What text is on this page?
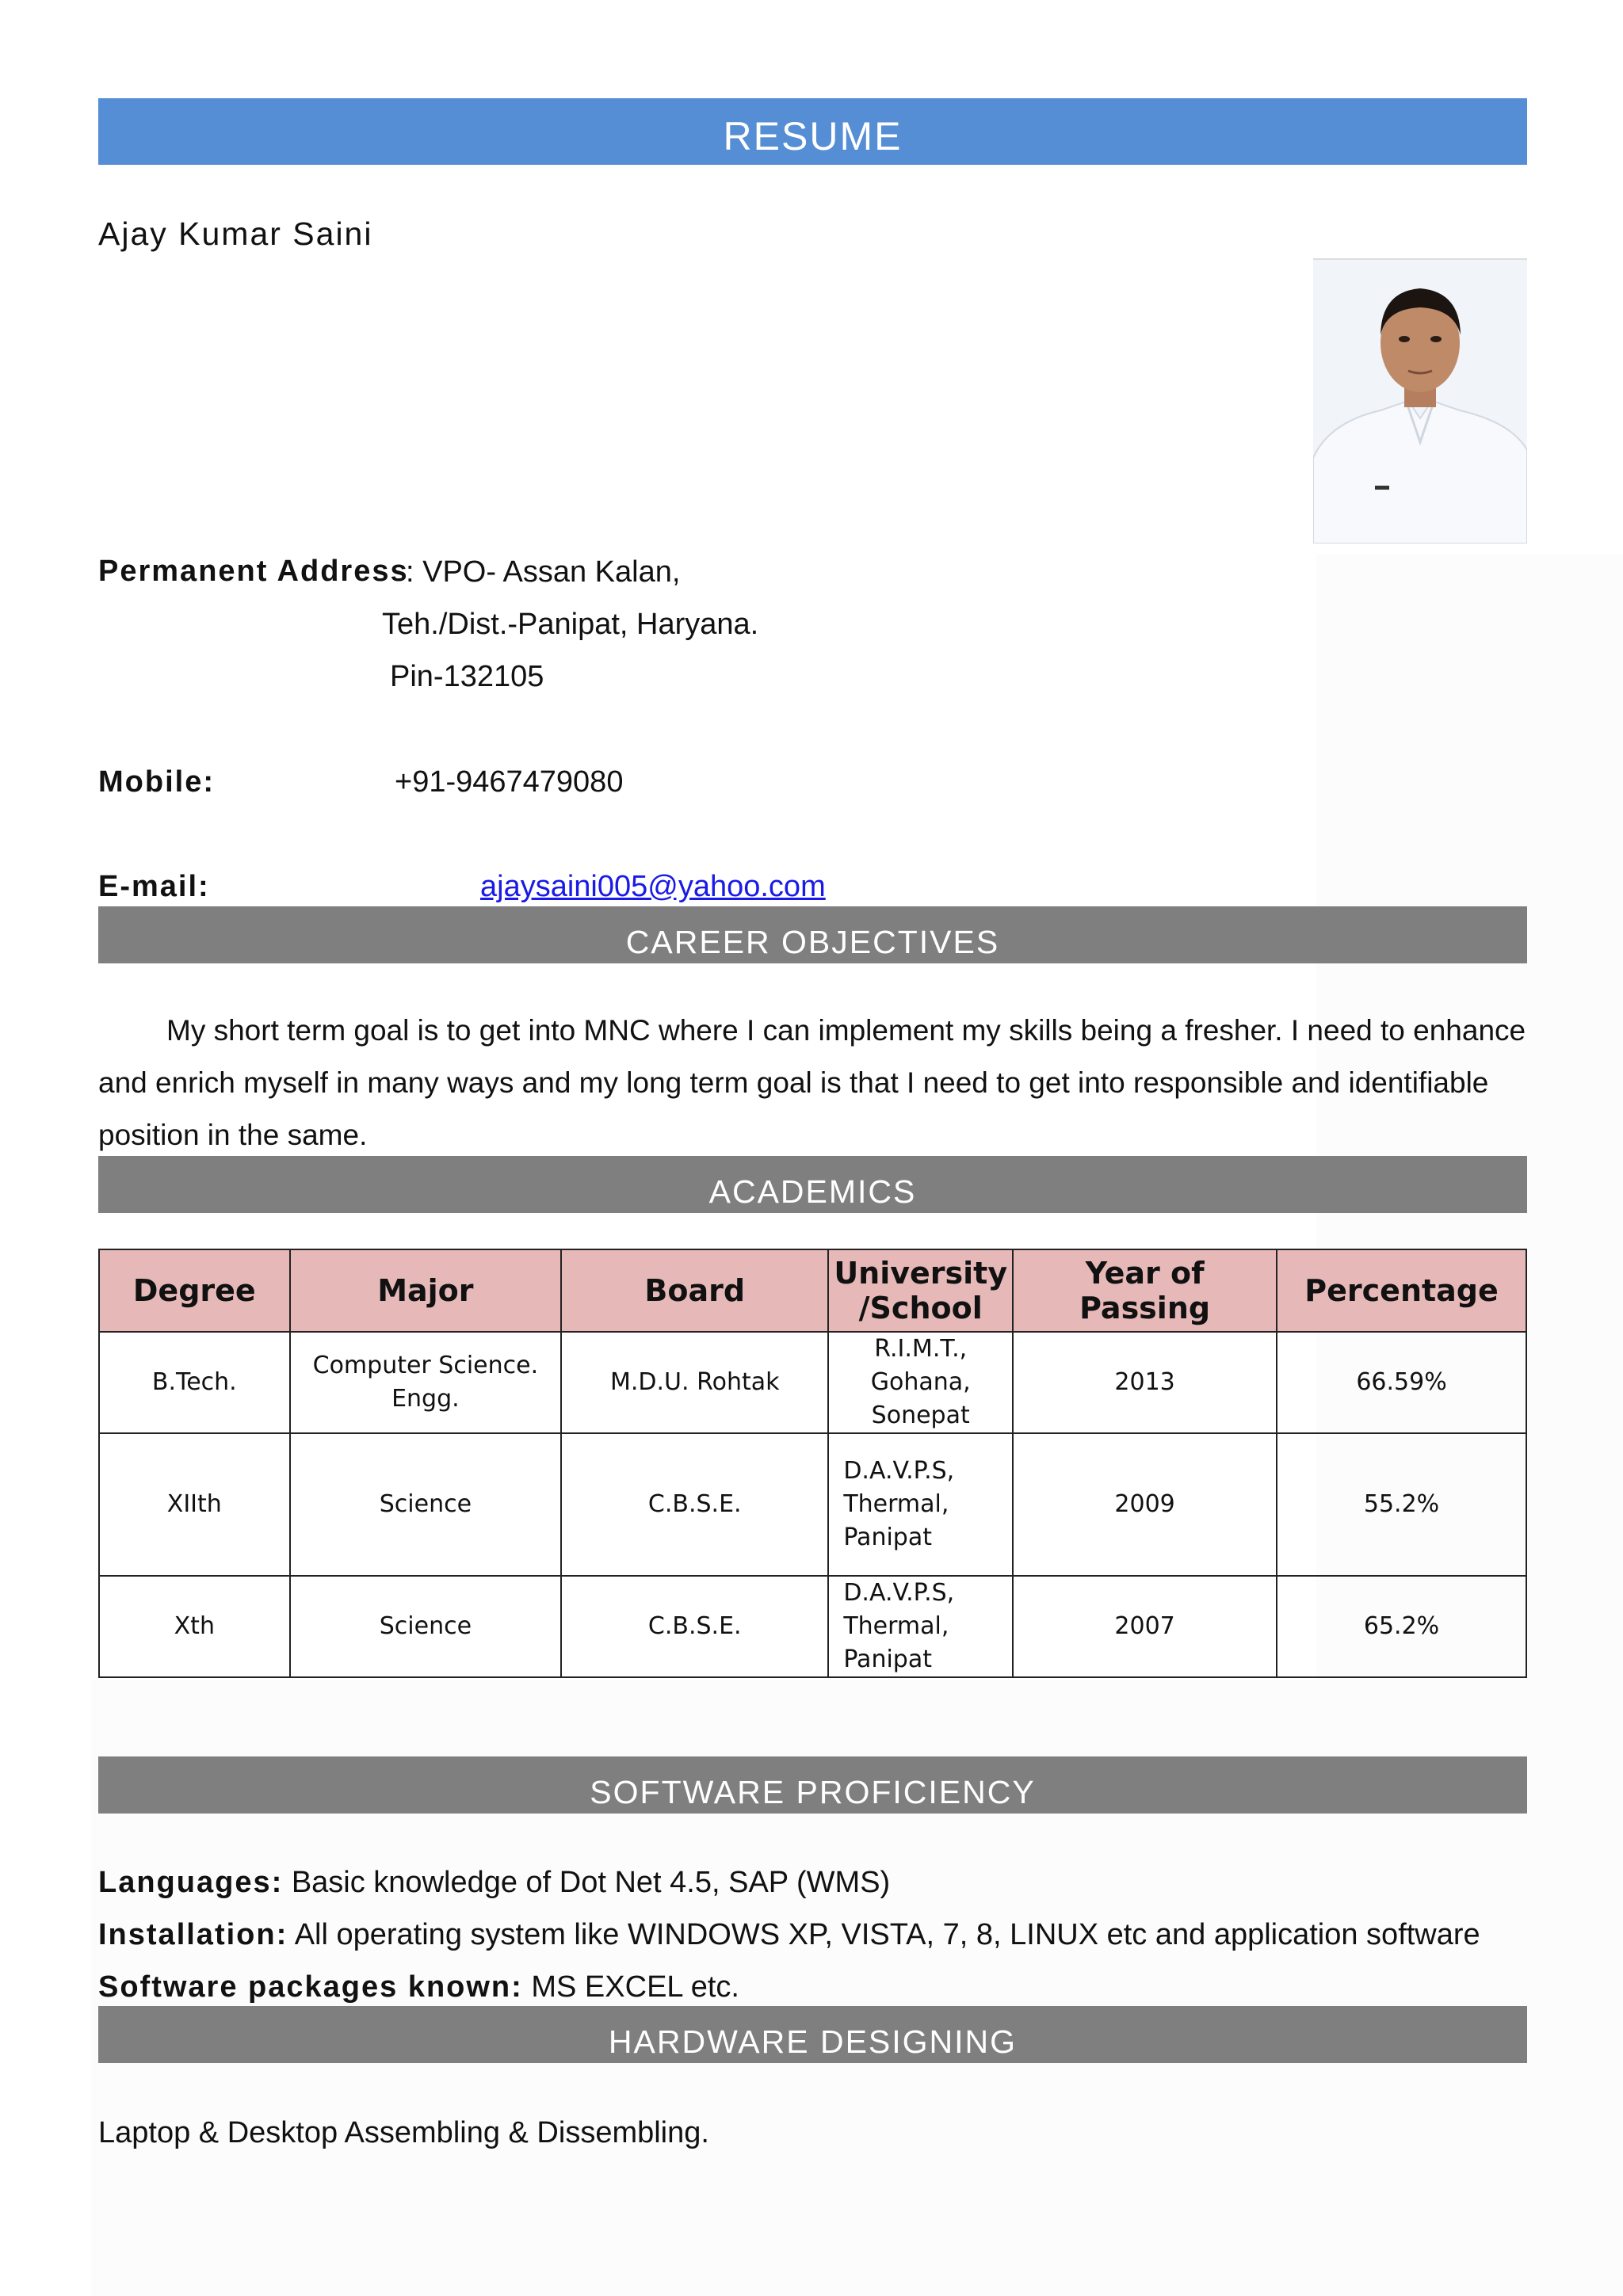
RESUME
Ajay Kumar Saini
Permanent Address
: VPO- Assan Kalan,
Teh./Dist.-Panipat, Haryana.
Pin-132105
Mobile:	+91-9467479080
E-mail:	ajaysaini005@yahoo.com
CAREER OBJECTIVES
My short term goal is to get into MNC where I can implement my skills being a fresher. I need to enhance and enrich myself in many ways and my long term goal is that I need to get into responsible and identifiable position in the same.
ACADEMICS
Degree	Major	Board	University /School	Year of Passing	Percentage
B.Tech.	Computer Science. Engg.	M.D.U. Rohtak	R.I.M.T., Gohana, Sonepat	2013	66.59%
XIIth	Science	C.B.S.E.	D.A.V.P.S, Thermal, Panipat	2009	55.2%
Xth	Science	C.B.S.E.	D.A.V.P.S, Thermal, Panipat	2007	65.2%
SOFTWARE PROFICIENCY
Languages: Basic knowledge of Dot Net 4.5, SAP (WMS)
Installation: All operating system like WINDOWS XP, VISTA, 7, 8, LINUX etc and application software
Software packages known: MS EXCEL etc.
HARDWARE DESIGNING
Laptop & Desktop Assembling & Dissembling.
